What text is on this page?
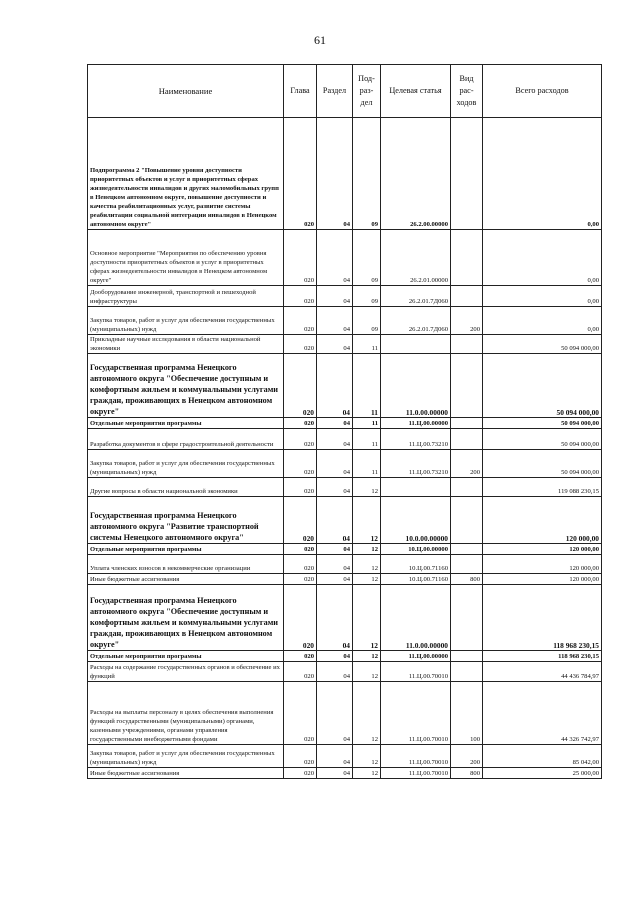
61
Наименование	Глава	Раздел	Под-раз-дел	Целевая статья	Вид рас-ходов	Всего расходов
Подпрограмма 2 "Повышение уровня доступности приоритетных объектов и услуг в приоритетных сферах жизнедеятельности инвалидов и других маломобильных групп в Ненецком автономном округе, повышение доступности и качества реабилитационных услуг, развитие системы реабилитации социальной интеграции инвалидов в Ненецком автономном округе"	020	04	09	26.2.00.00000		0,00
Основное мероприятие "Мероприятия по обеспечению уровня доступности приоритетных объектов и услуг в приоритетных сферах жизнедеятельности инвалидов в Ненецком автономном округе"	020	04	09	26.2.01.00000		0,00
Дооборудование инженерной, транспортной и пешеходной инфраструктуры	020	04	09	26.2.01.7Д060		0,00
Закупка товаров, работ и услуг для обеспечения государственных (муниципальных) нужд	020	04	09	26.2.01.7Д060	200	0,00
Прикладные научные исследования в области национальной экономики	020	04	11			50 094 000,00
Государственная программа Ненецкого автономного округа "Обеспечение доступным и комфортным жильем и коммунальными услугами граждан, проживающих в Ненецком автономном округе"	020	04	11	11.0.00.00000		50 094 000,00
Отдельные мероприятия программы	020	04	11	11.Ц.00.00000		50 094 000,00
Разработка документов в сфере градостроительной деятельности	020	04	11	11.Ц.00.73210		50 094 000,00
Закупка товаров, работ и услуг для обеспечения государственных (муниципальных) нужд	020	04	11	11.Ц.00.73210	200	50 094 000,00
Другие вопросы в области национальной экономики	020	04	12			119 088 230,15
Государственная программа Ненецкого автономного округа "Развитие транспортной системы Ненецкого автономного округа"	020	04	12	10.0.00.00000		120 000,00
Отдельные мероприятия программы	020	04	12	10.Ц.00.00000		120 000,00
Уплата членских взносов в некоммерческие организации	020	04	12	10.Ц.00.71160		120 000,00
Иные бюджетные ассигнования	020	04	12	10.Ц.00.71160	800	120 000,00
Государственная программа Ненецкого автономного округа "Обеспечение доступным и комфортным жильем и коммунальными услугами граждан, проживающих в Ненецком автономном округе"	020	04	12	11.0.00.00000		118 968 230,15
Отдельные мероприятия программы	020	04	12	11.Ц.00.00000		118 968 230,15
Расходы на содержание государственных органов и обеспечение их функций	020	04	12	11.Ц.00.70010		44 436 784,97
Расходы на выплаты персоналу в целях обеспечения выполнения функций государственными (муниципальными) органами, казенными учреждениями, органами управления государственными внебюджетными фондами	020	04	12	11.Ц.00.70010	100	44 326 742,97
Закупка товаров, работ и услуг для обеспечения государственных (муниципальных) нужд	020	04	12	11.Ц.00.70010	200	85 042,00
Иные бюджетные ассигнования	020	04	12	11.Ц.00.70010	800	25 000,00
